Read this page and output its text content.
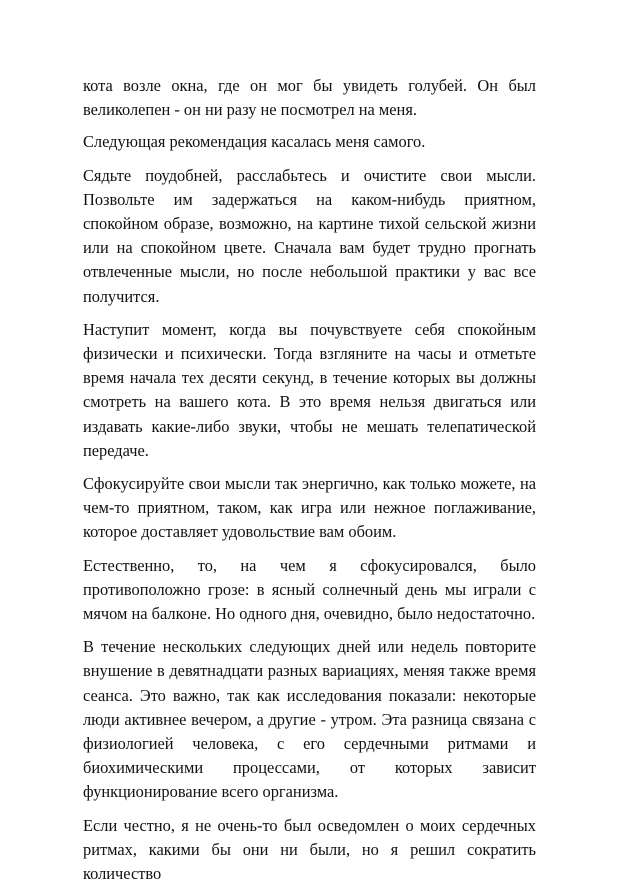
кота возле окна, где он мог бы увидеть голубей. Он был великолепен - он ни разу не посмотрел на меня.

Следующая рекомендация касалась меня самого.

Сядьте поудобней, расслабьтесь и очистите свои мысли. Позвольте им задержаться на каком-нибудь приятном, спокойном образе, возможно, на картине тихой сельской жизни или на спокойном цвете. Сначала вам будет трудно прогнать отвлеченные мысли, но после небольшой практики у вас все получится.

Наступит момент, когда вы почувствуете себя спокойным физически и психически. Тогда взгляните на часы и отметьте время начала тех десяти секунд, в течение которых вы должны смотреть на вашего кота. В это время нельзя двигаться или издавать какие-либо звуки, чтобы не мешать телепатической передаче.

Сфокусируйте свои мысли так энергично, как только можете, на чем-то приятном, таком, как игра или нежное поглаживание, которое доставляет удовольствие вам обоим.

Естественно, то, на чем я сфокусировался, было противоположно грозе: в ясный солнечный день мы играли с мячом на балконе. Но одного дня, очевидно, было недостаточно.

В течение нескольких следующих дней или недель повторите внушение в девятнадцати разных вариациях, меняя также время сеанса. Это важно, так как исследования показали: некоторые люди активнее вечером, а другие - утром. Эта разница связана с физиологией человека, с его сердечными ритмами и биохимическими процессами, от которых зависит функционирование всего организма.

Если честно, я не очень-то был осведомлен о моих сердечных ритмах, какими бы они ни были, но я решил сократить количество
